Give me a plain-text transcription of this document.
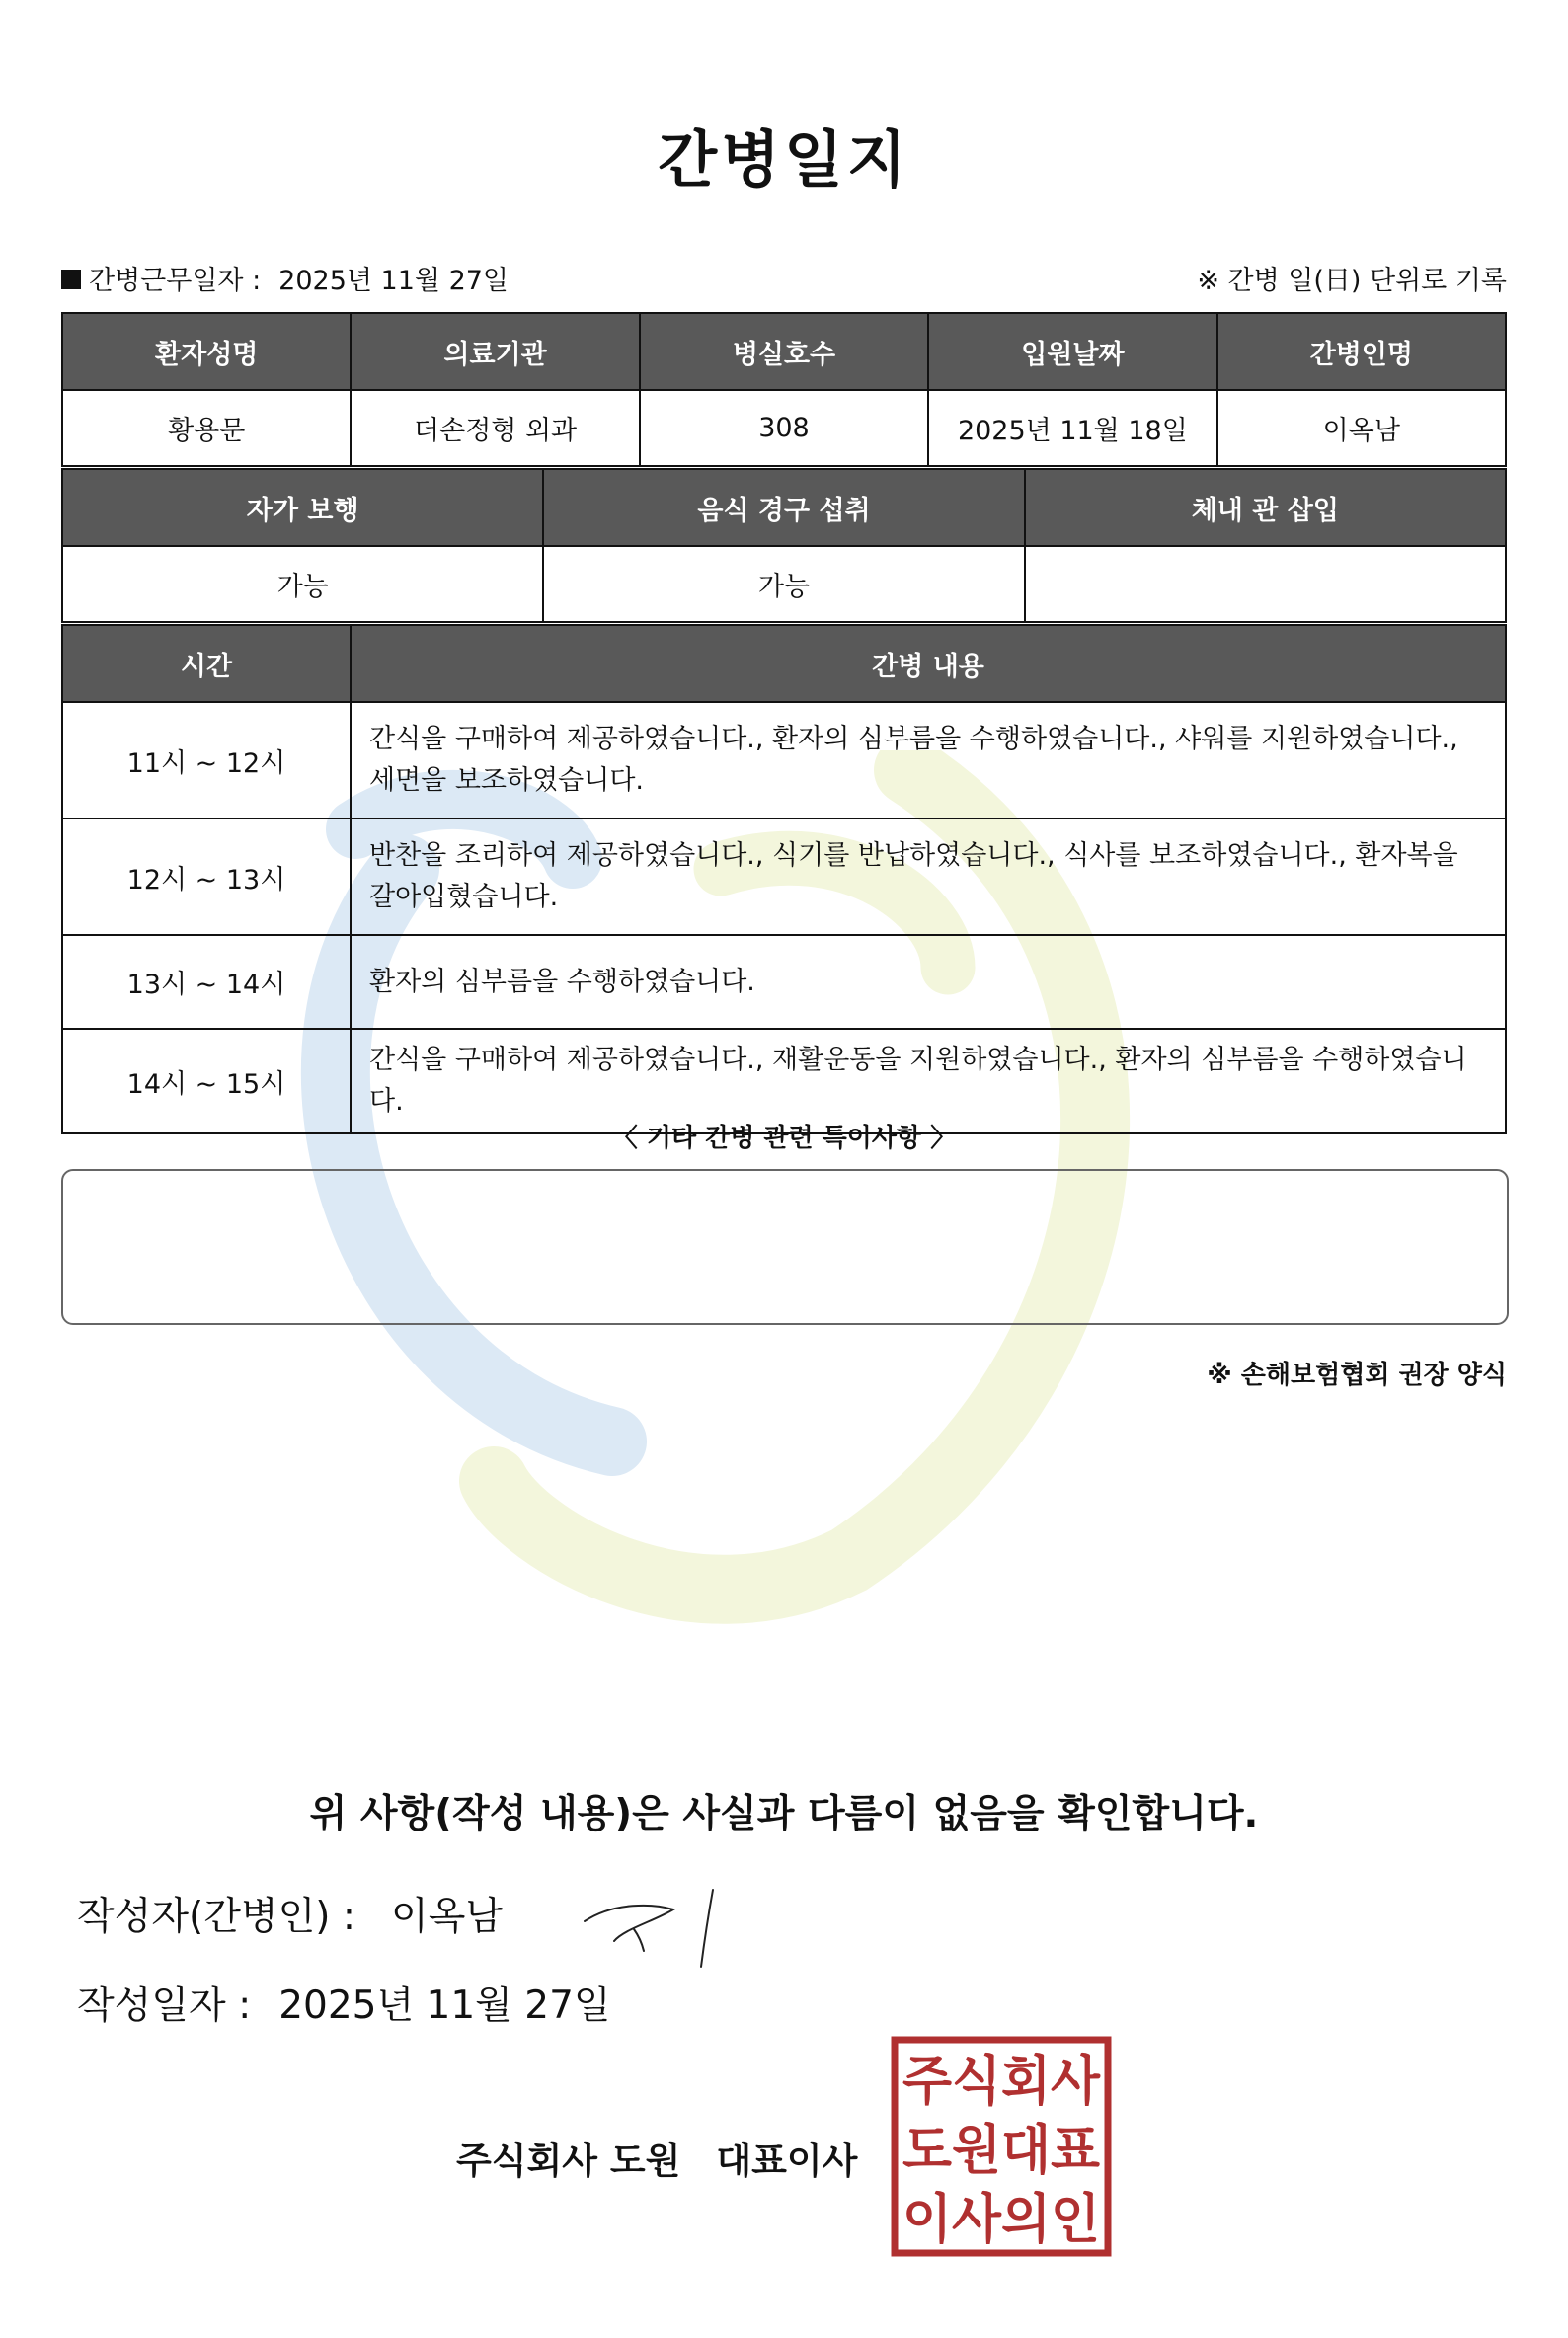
간병일지
간병근무일자 : 2025년 11월 27일	※ 간병 일(日) 단위로 기록
환자성명	의료기관	병실호수	입원날짜	간병인명
황용문	더손정형 외과	308	2025년 11월 18일	이옥남
자가 보행	음식 경구 섭취	체내 관 삽입
가능	가능	
시간	간병 내용
11시 ~ 12시	간식을 구매하여 제공하였습니다., 환자의 심부름을 수행하였습니다., 샤워를 지원하였습니다., 세면을 보조하였습니다.
12시 ~ 13시	반찬을 조리하여 제공하였습니다., 식기를 반납하였습니다., 식사를 보조하였습니다., 환자복을 갈아입혔습니다.
13시 ~ 14시	환자의 심부름을 수행하였습니다.
14시 ~ 15시	간식을 구매하여 제공하였습니다., 재활운동을 지원하였습니다., 환자의 심부름을 수행하였습니다.
〈 기타 간병 관련 특이사항 〉
※ 손해보험협회 권장 양식
위 사항(작성 내용)은 사실과 다름이 없음을 확인합니다.
작성자(간병인) : 이옥남
작성일자 : 2025년 11월 27일
주식회사 도원 대표이사
주식회사
도원대표
이사의인
